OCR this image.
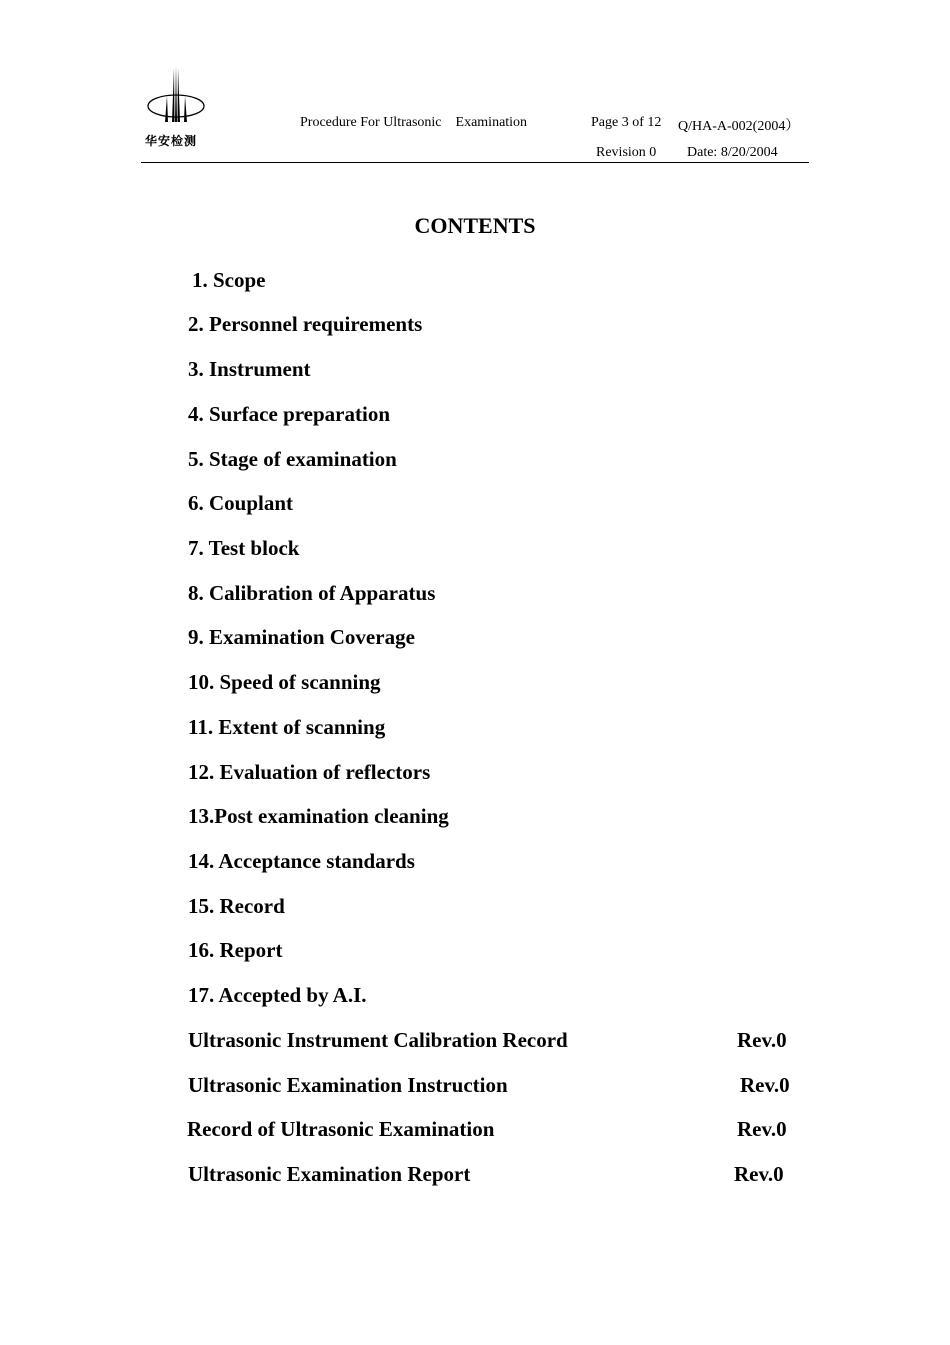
华安检测
Procedure For Ultrasonic    Examination	Page 3 of 12 Q/HA-A-002(2004）
Revision 0 Date: 8/20/2004
CONTENTS
1. Scope
2. Personnel requirements
3. Instrument
4. Surface preparation
5. Stage of examination
6. Couplant
7. Test block
8. Calibration of Apparatus
9. Examination Coverage
10. Speed of scanning
11. Extent of scanning
12. Evaluation of reflectors
13.Post examination cleaning
14. Acceptance standards
15. Record
16. Report
17. Accepted by A.I.
Ultrasonic Instrument Calibration Record	Rev.0
Ultrasonic Examination Instruction	Rev.0
Record of Ultrasonic Examination	Rev.0
Ultrasonic Examination Report	Rev.0
